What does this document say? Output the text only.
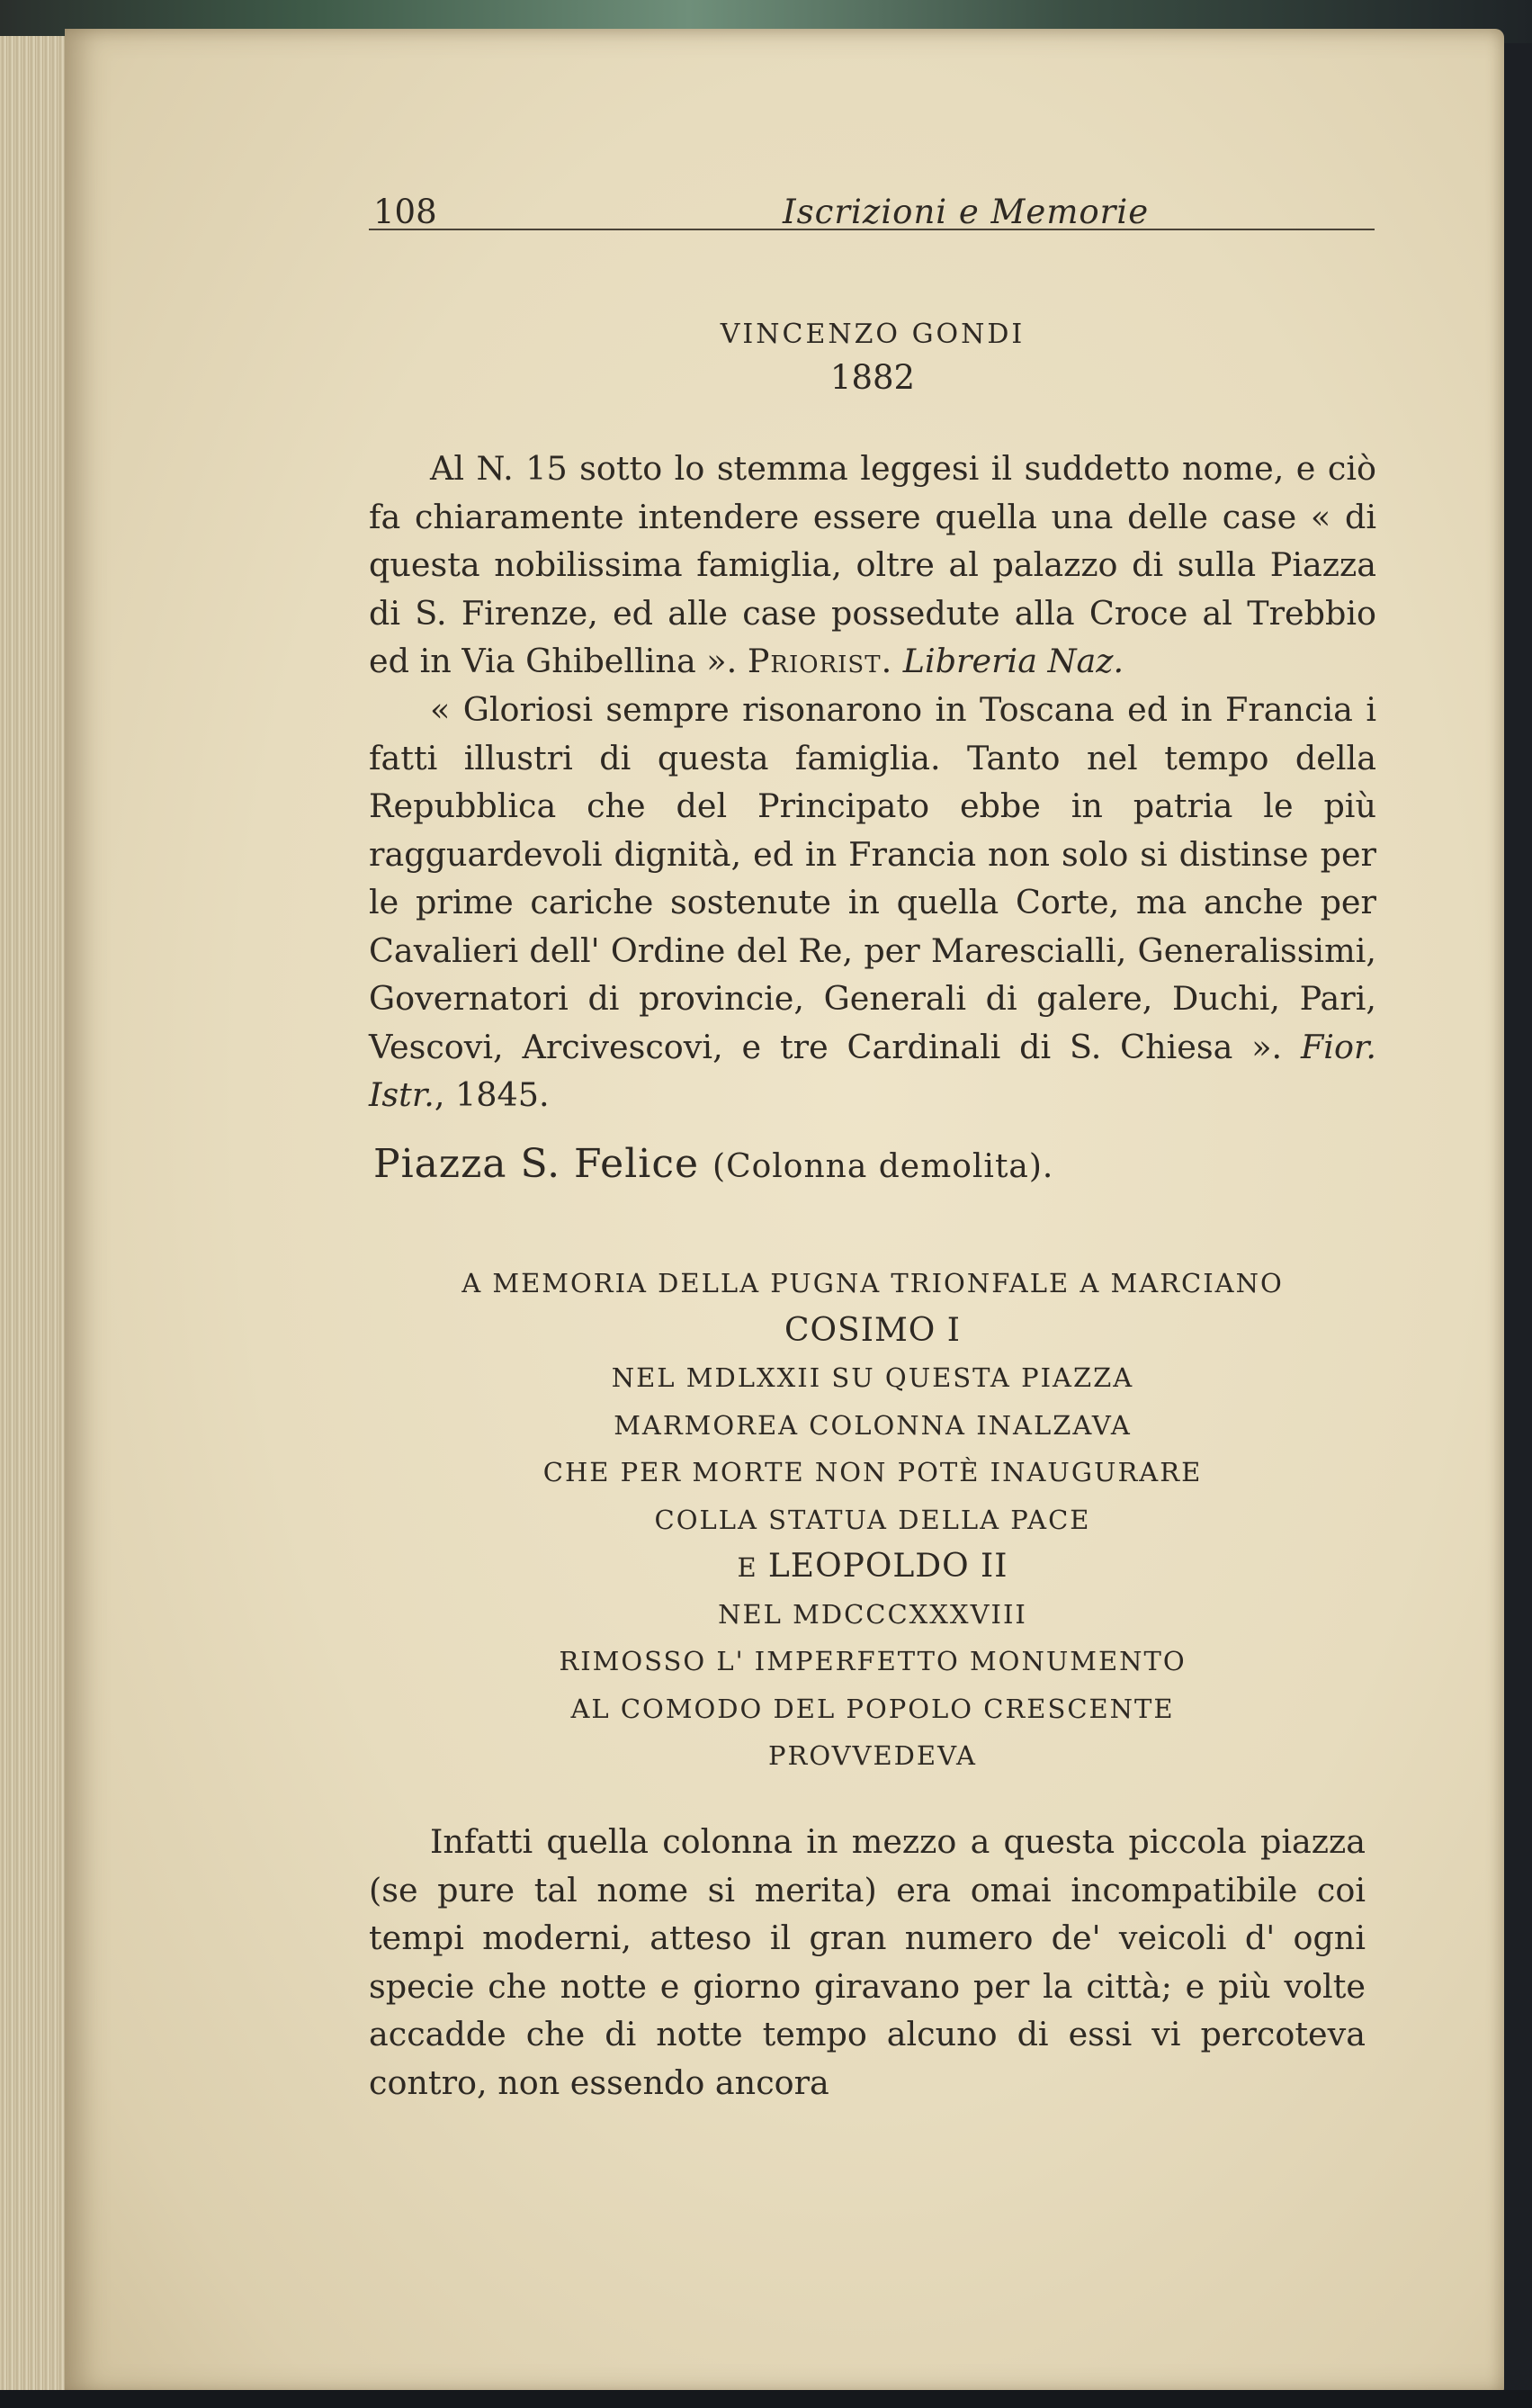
108	Iscrizioni e Memorie
VINCENZO GONDI
1882

Al N. 15 sotto lo stemma leggesi il suddetto nome, e ciò fa chiaramente intendere essere quella una delle case « di questa nobilissima famiglia, oltre al palazzo di sulla Piazza di S. Firenze, ed alle case possedute alla Croce al Trebbio ed in Via Ghibellina ». Priorist. Libreria Naz.

« Gloriosi sempre risonarono in Toscana ed in Francia i fatti illustri di questa famiglia. Tanto nel tempo della Repubblica che del Principato ebbe in patria le più ragguardevoli dignità, ed in Francia non solo si distinse per le prime cariche sostenute in quella Corte, ma anche per Cavalieri dell' Ordine del Re, per Marescialli, Generalissimi, Governatori di provincie, Generali di galere, Duchi, Pari, Vescovi, Arcivescovi, e tre Cardinali di S. Chiesa ». Fior. Istr., 1845.

Piazza S. Felice (Colonna demolita).
A MEMORIA DELLA PUGNA TRIONFALE A MARCIANO
COSIMO I
NEL MDLXXII SU QUESTA PIAZZA
MARMOREA COLONNA INALZAVA
CHE PER MORTE NON POTÈ INAUGURARE
COLLA STATUA DELLA PACE
E LEOPOLDO II
NEL MDCCCXXXVIII
RIMOSSO L' IMPERFETTO MONUMENTO
AL COMODO DEL POPOLO CRESCENTE
PROVVEDEVA

Infatti quella colonna in mezzo a questa piccola piazza (se pure tal nome si merita) era omai incompatibile coi tempi moderni, atteso il gran numero de' veicoli d' ogni specie che notte e giorno giravano per la città; e più volte accadde che di notte tempo alcuno di essi vi percoteva contro, non essendo ancora
